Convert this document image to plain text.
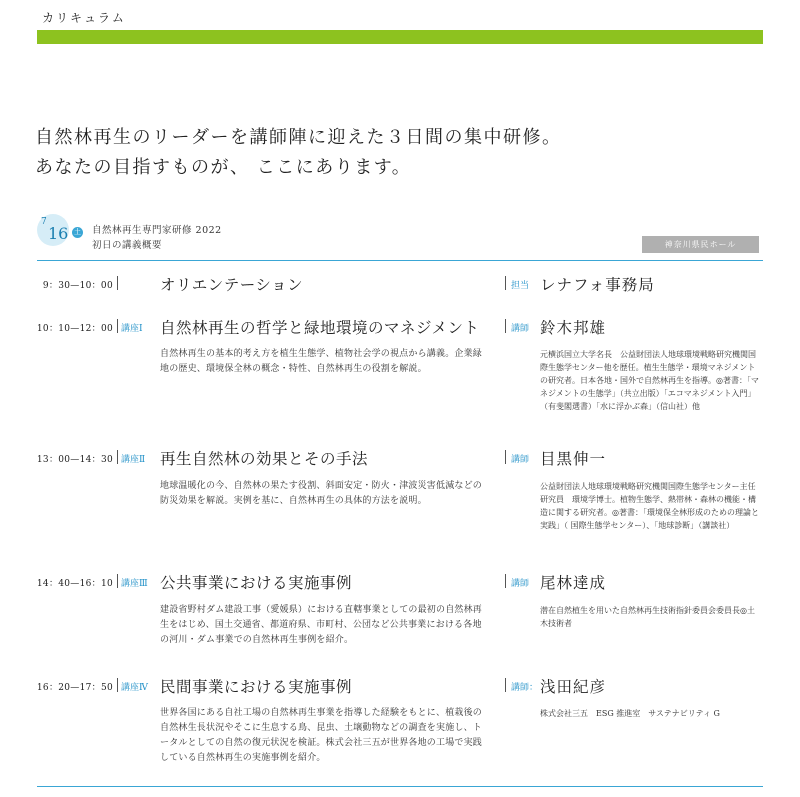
カリキュラム
自然林再生のリーダーを講師陣に迎えた３日間の集中研修。
あなたの目指すものが、 ここにあります。
7
16 土 自然林再生専門家研修 2022
初日の講義概要	神奈川県民ホール
9：30—10：00	オリエンテーション	担当 レナフォ事務局
10：10—12：00 講座Ⅰ 自然林再生の哲学と緑地環境のマネジメント
自然林再生の基本的考え方を植生生態学、植物社会学の視点から講義。企業緑地の歴史、環境保全林の概念・特性、自然林再生の役割を解説。
講師 鈴木邦雄
元横浜国立大学名長　公益財団法人地球環境戦略研究機関国際生態学センター他を歴任。植生生態学・環境マネジメントの研究者。日本各地・国外で自然林再生を指導。◎著書：「マネジメントの生態学」（共立出版）「エコマネジメント入門」（有斐閣選書）「水に浮かぶ森」（信山社）他
13：00—14：30 講座Ⅱ 再生自然林の効果とその手法
地球温暖化の今、自然林の果たす役割、斜面安定・防火・津波災害低減などの防災効果を解説。実例を基に、自然林再生の具体的方法を説明。
講師 目黒伸一
公益財団法人地球環境戦略研究機関国際生態学センター主任研究員　環境学博士。植物生態学、熱帯林・森林の機能・構造に関する研究者。◎著書：「環境保全林形成のための理論と実践」（ 国際生態学センター）、「地球診断」（講談社）
14：40—16：10 講座Ⅲ 公共事業における実施事例
建設省野村ダム建設工事（愛媛県）における直轄事業としての最初の自然林再生をはじめ、国土交通省、都道府県、市町村、公団など公共事業における各地の河川・ダム事業での自然林再生事例を紹介。
講師 尾林達成
潜在自然植生を用いた自然林再生技術指針委員会委員長◎土木技術者
16：20—17：50 講座Ⅳ 民間事業における実施事例
世界各国にある自社工場の自然林再生事業を指導した経験をもとに、植栽後の自然林生長状況やそこに生息する鳥、昆虫、土壌動物などの調査を実施し、トータルとしての自然の復元状況を検証。株式会社三五が世界各地の工場で実践している自然林再生の実施事例を紹介。
講師： 浅田紀彦
株式会社三五　ESG 推進室　サステナビリティ G
